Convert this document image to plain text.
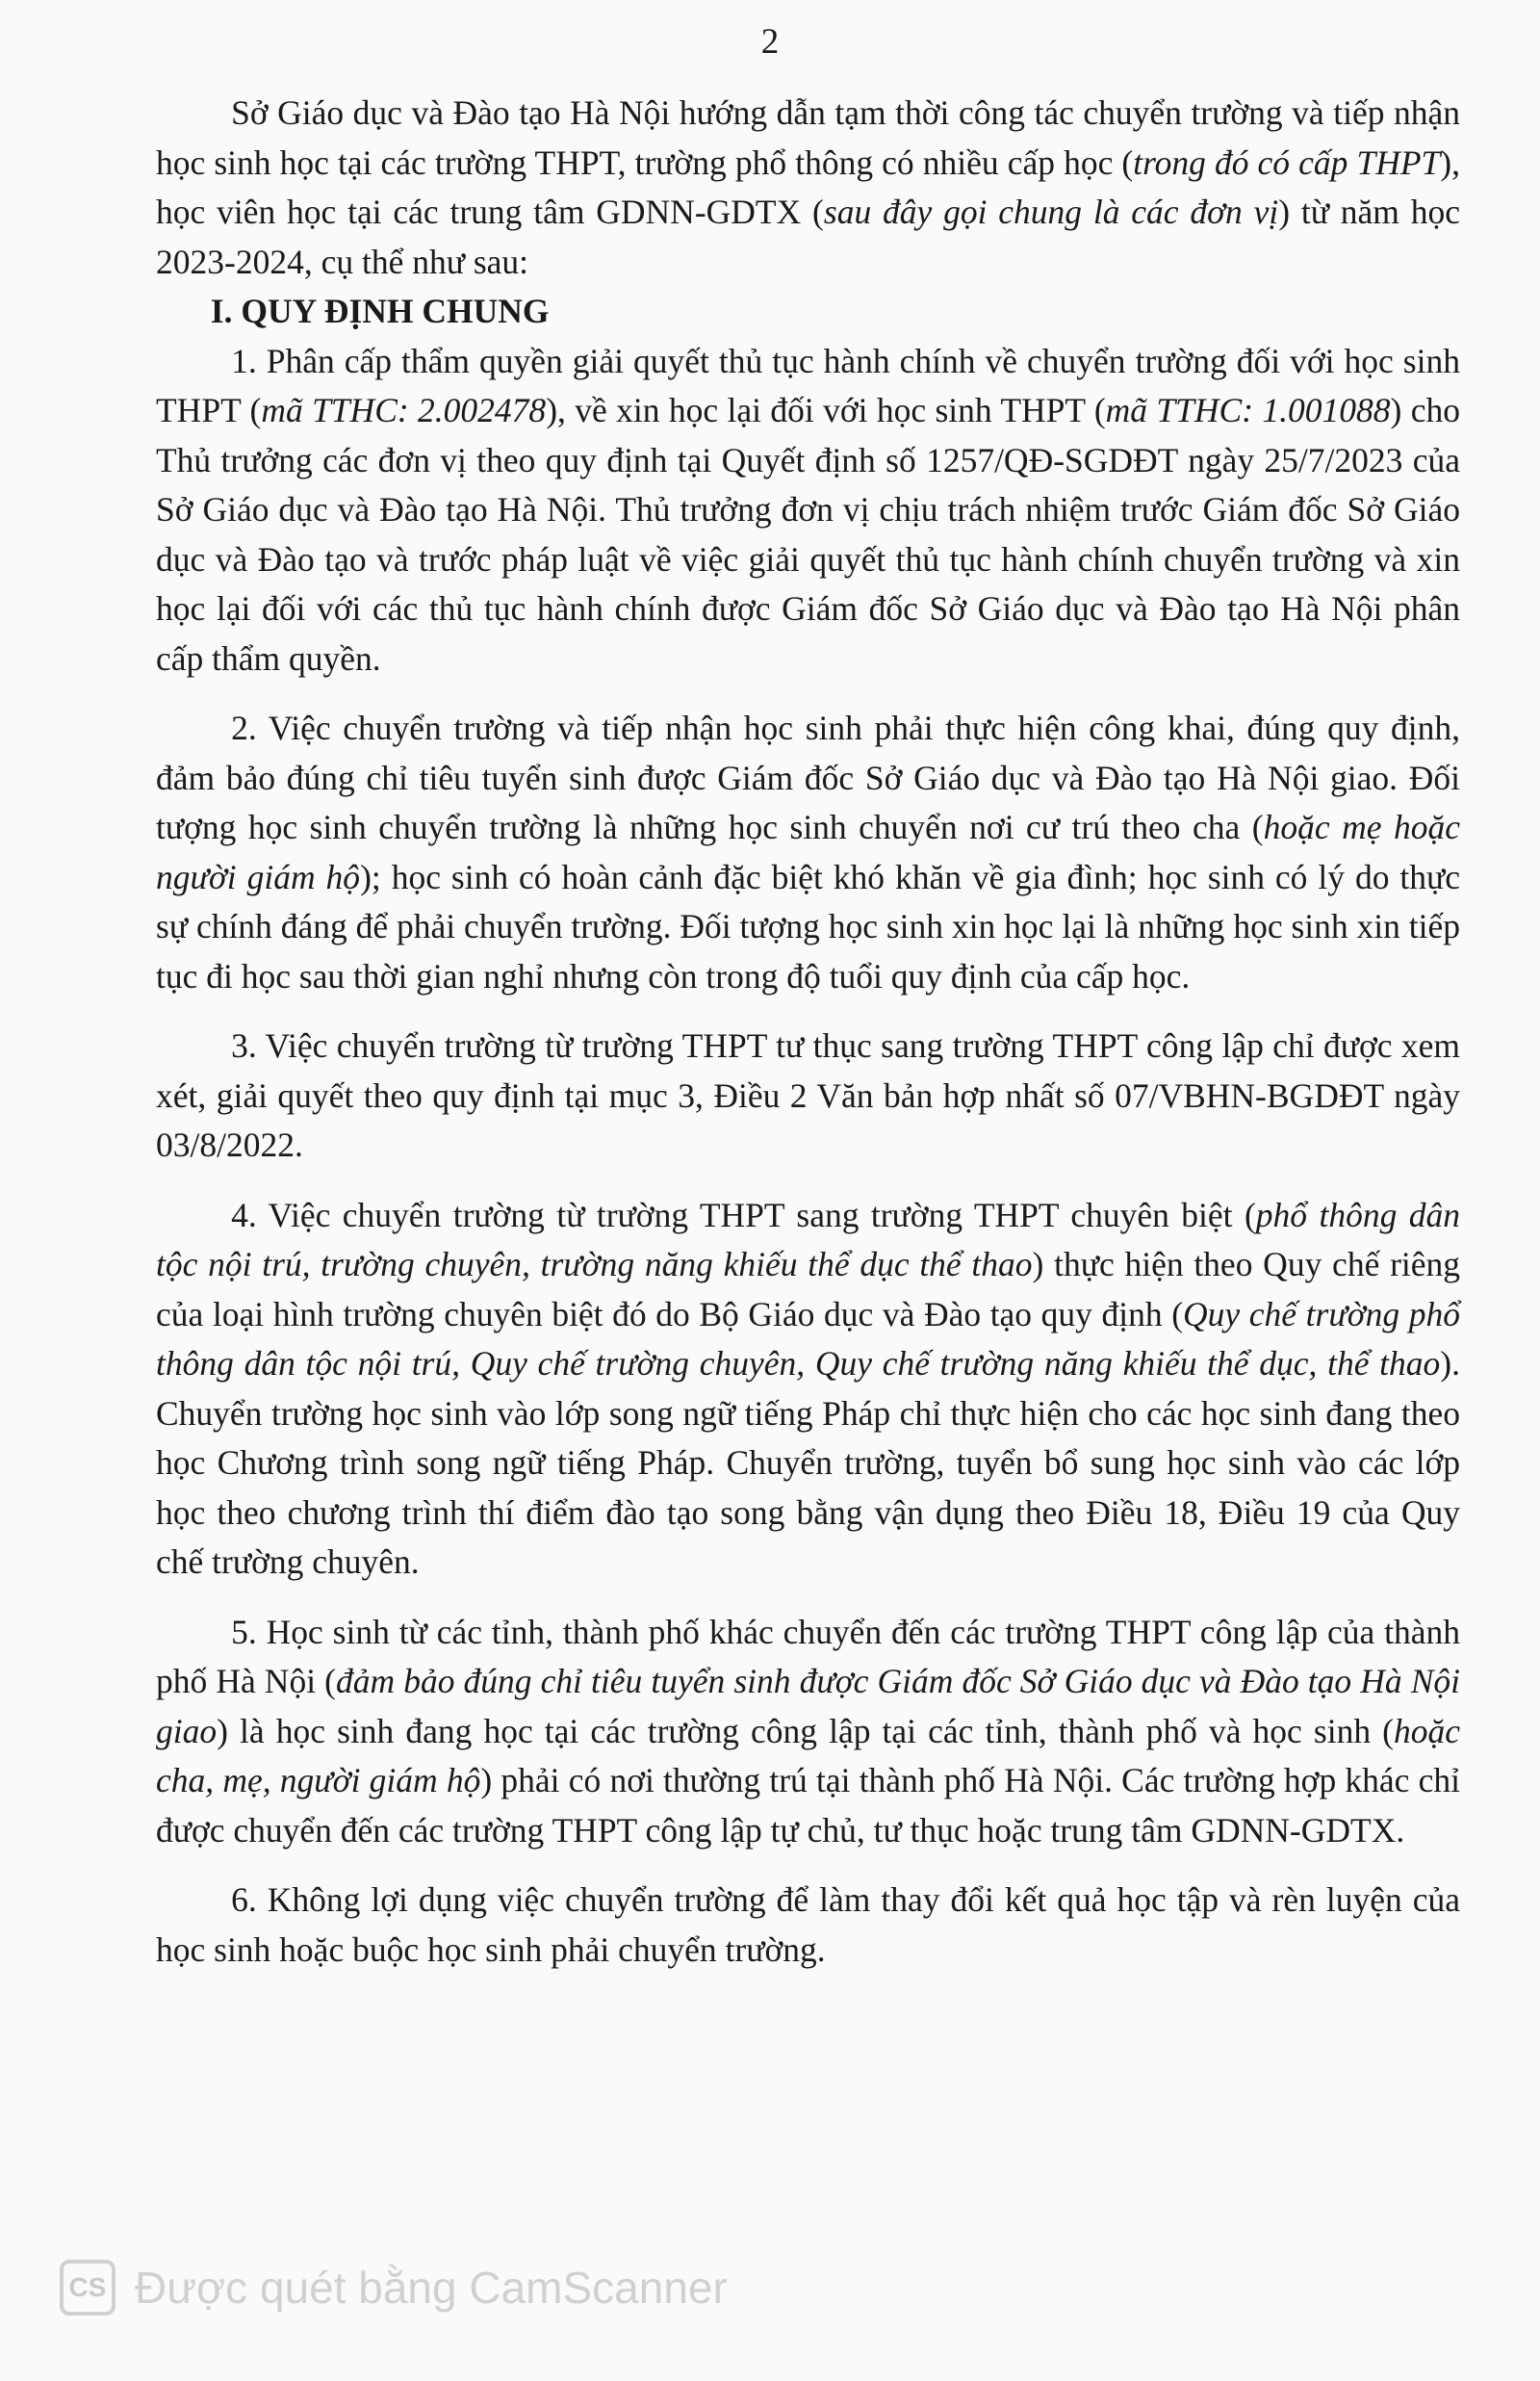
2

Sở Giáo dục và Đào tạo Hà Nội hướng dẫn tạm thời công tác chuyển trường và tiếp nhận học sinh học tại các trường THPT, trường phổ thông có nhiều cấp học (trong đó có cấp THPT), học viên học tại các trung tâm GDNN-GDTX (sau đây gọi chung là các đơn vị) từ năm học 2023-2024, cụ thể như sau:

I. QUY ĐỊNH CHUNG

1. Phân cấp thẩm quyền giải quyết thủ tục hành chính về chuyển trường đối với học sinh THPT (mã TTHC: 2.002478), về xin học lại đối với học sinh THPT (mã TTHC: 1.001088) cho Thủ trưởng các đơn vị theo quy định tại Quyết định số 1257/QĐ-SGDĐT ngày 25/7/2023 của Sở Giáo dục và Đào tạo Hà Nội. Thủ trưởng đơn vị chịu trách nhiệm trước Giám đốc Sở Giáo dục và Đào tạo và trước pháp luật về việc giải quyết thủ tục hành chính chuyển trường và xin học lại đối với các thủ tục hành chính được Giám đốc Sở Giáo dục và Đào tạo Hà Nội phân cấp thẩm quyền.

2. Việc chuyển trường và tiếp nhận học sinh phải thực hiện công khai, đúng quy định, đảm bảo đúng chỉ tiêu tuyển sinh được Giám đốc Sở Giáo dục và Đào tạo Hà Nội giao. Đối tượng học sinh chuyển trường là những học sinh chuyển nơi cư trú theo cha (hoặc mẹ hoặc người giám hộ); học sinh có hoàn cảnh đặc biệt khó khăn về gia đình; học sinh có lý do thực sự chính đáng để phải chuyển trường. Đối tượng học sinh xin học lại là những học sinh xin tiếp tục đi học sau thời gian nghỉ nhưng còn trong độ tuổi quy định của cấp học.

3. Việc chuyển trường từ trường THPT tư thục sang trường THPT công lập chỉ được xem xét, giải quyết theo quy định tại mục 3, Điều 2 Văn bản hợp nhất số 07/VBHN-BGDĐT ngày 03/8/2022.

4. Việc chuyển trường từ trường THPT sang trường THPT chuyên biệt (phổ thông dân tộc nội trú, trường chuyên, trường năng khiếu thể dục thể thao) thực hiện theo Quy chế riêng của loại hình trường chuyên biệt đó do Bộ Giáo dục và Đào tạo quy định (Quy chế trường phổ thông dân tộc nội trú, Quy chế trường chuyên, Quy chế trường năng khiếu thể dục, thể thao). Chuyển trường học sinh vào lớp song ngữ tiếng Pháp chỉ thực hiện cho các học sinh đang theo học Chương trình song ngữ tiếng Pháp. Chuyển trường, tuyển bổ sung học sinh vào các lớp học theo chương trình thí điểm đào tạo song bằng vận dụng theo Điều 18, Điều 19 của Quy chế trường chuyên.

5. Học sinh từ các tỉnh, thành phố khác chuyển đến các trường THPT công lập của thành phố Hà Nội (đảm bảo đúng chỉ tiêu tuyển sinh được Giám đốc Sở Giáo dục và Đào tạo Hà Nội giao) là học sinh đang học tại các trường công lập tại các tỉnh, thành phố và học sinh (hoặc cha, mẹ, người giám hộ) phải có nơi thường trú tại thành phố Hà Nội. Các trường hợp khác chỉ được chuyển đến các trường THPT công lập tự chủ, tư thục hoặc trung tâm GDNN-GDTX.

6. Không lợi dụng việc chuyển trường để làm thay đổi kết quả học tập và rèn luyện của học sinh hoặc buộc học sinh phải chuyển trường.

CS Được quét bằng CamScanner
